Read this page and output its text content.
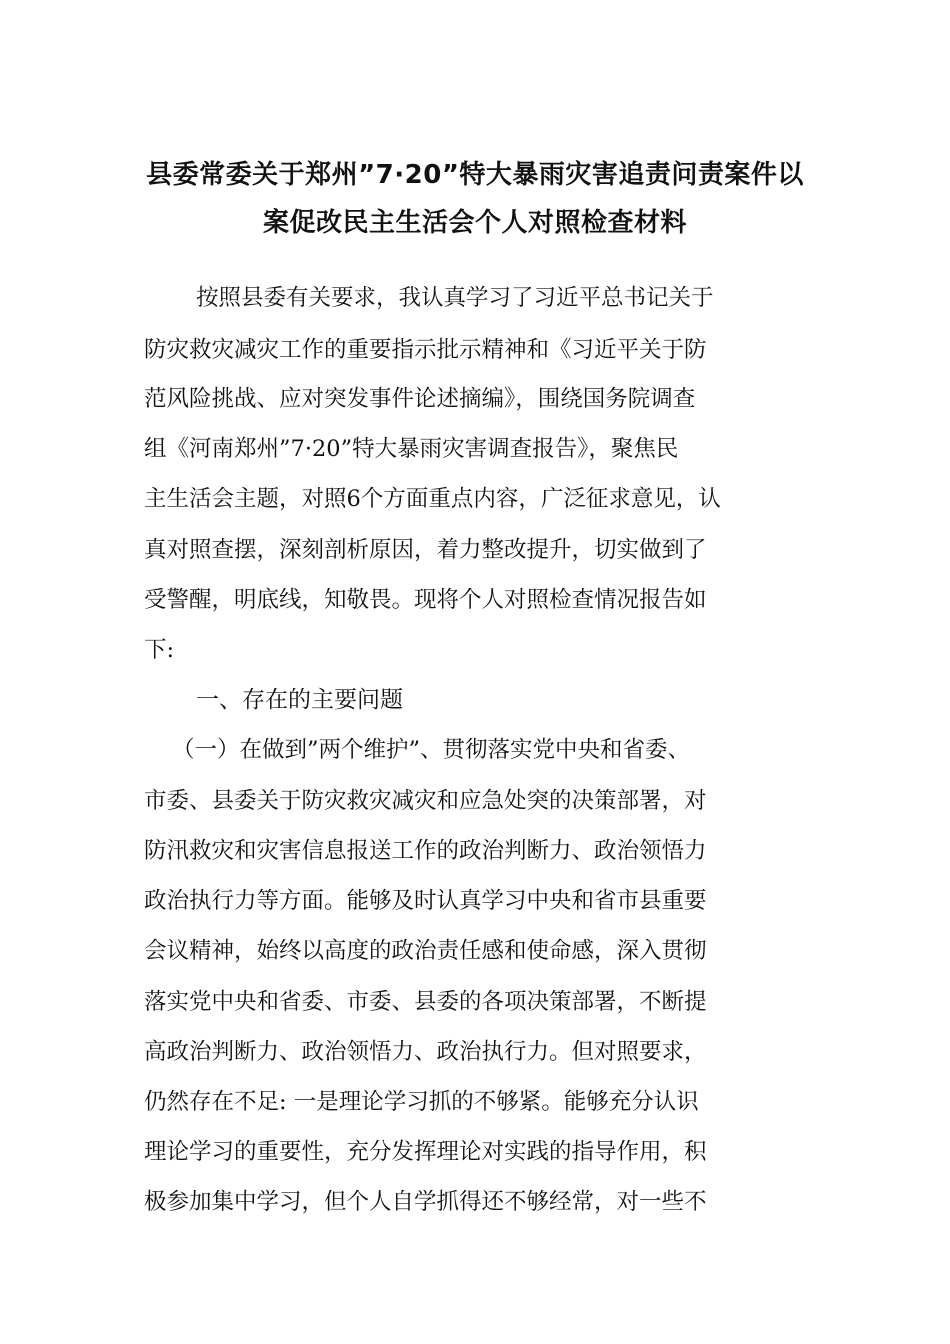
县委常委关于郑州”7·20”特大暴雨灾害追责问责案件以
案促改民主生活会个人对照检查材料

按照县委有关要求，我认真学习了习近平总书记关于

防灾救灾减灾工作的重要指示批示精神和《习近平关于防

范风险挑战、应对突发事件论述摘编》，围绕国务院调查

组《河南郑州”7·20”特大暴雨灾害调查报告》，聚焦民

主生活会主题，对照6个方面重点内容，广泛征求意见，认

真对照查摆，深刻剖析原因，着力整改提升，切实做到了

受警醒，明底线，知敬畏。现将个人对照检查情况报告如

下:

一、存在的主要问题

（一）在做到”两个维护”、贯彻落实党中央和省委、

市委、县委关于防灾救灾减灾和应急处突的决策部署，对

防汛救灾和灾害信息报送工作的政治判断力、政治领悟力

政治执行力等方面。能够及时认真学习中央和省市县重要

会议精神，始终以高度的政治责任感和使命感，深入贯彻

落实党中央和省委、市委、县委的各项决策部署，不断提

高政治判断力、政治领悟力、政治执行力。但对照要求，

仍然存在不足: 一是理论学习抓的不够紧。能够充分认识

理论学习的重要性，充分发挥理论对实践的指导作用，积

极参加集中学习，但个人自学抓得还不够经常，对一些不
